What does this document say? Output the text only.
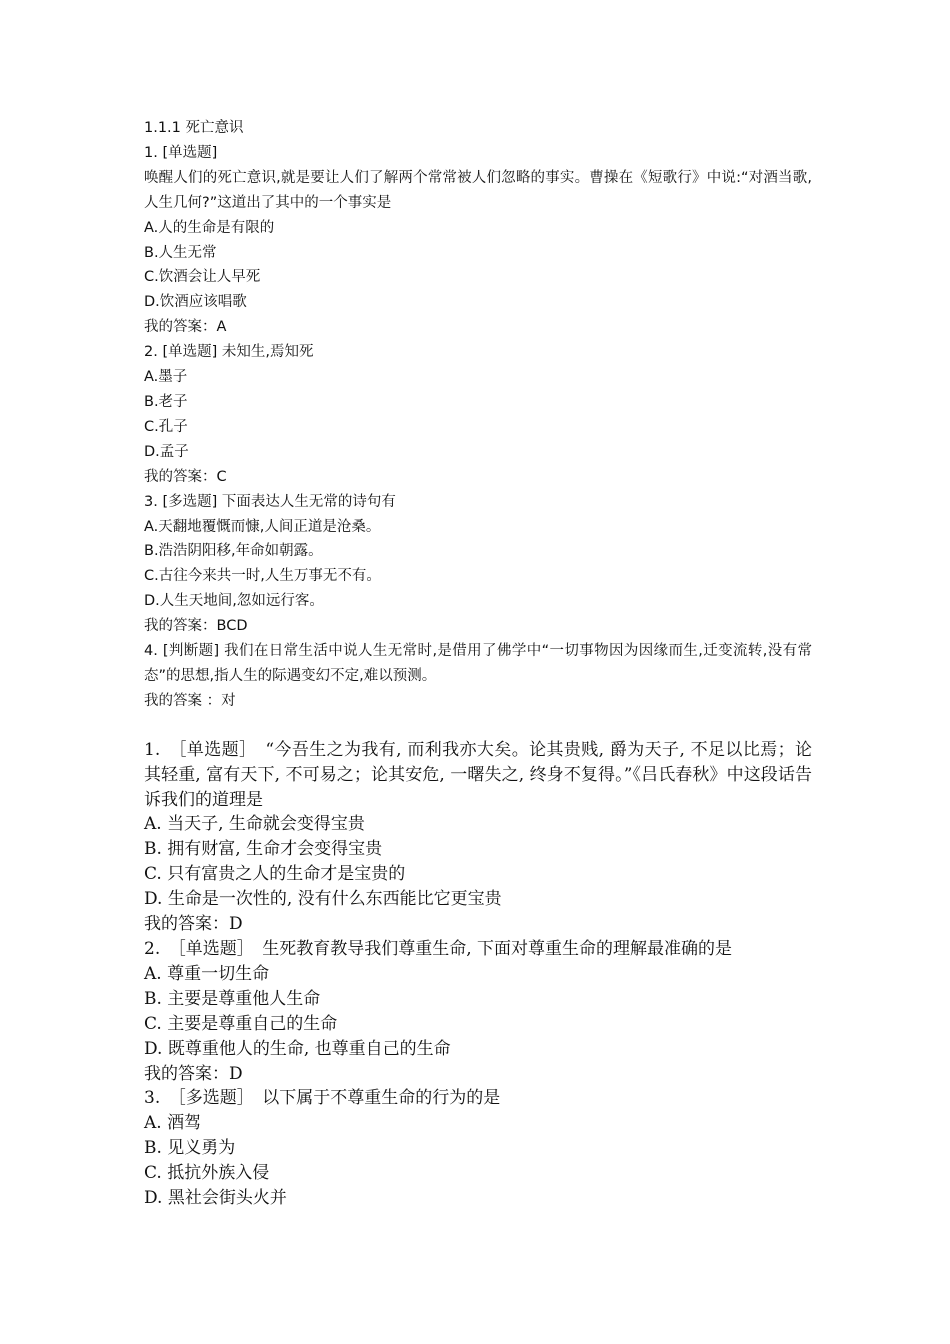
1.1.1 死亡意识

1. [单选题]

唤醒人们的死亡意识,就是要让人们了解两个常常被人们忽略的事实。曹操在《短歌行》中说:“对酒当歌,人生几何?”这道出了其中的一个事实是

A.人的生命是有限的

B.人生无常

C.饮酒会让人早死

D.饮酒应该唱歌

我的答案：A

2. [单选题] 未知生,焉知死

A.墨子

B.老子

C.孔子

D.孟子

我的答案：C

3. [多选题] 下面表达人生无常的诗句有

A.天翻地覆慨而慷,人间正道是沧桑。

B.浩浩阴阳移,年命如朝露。

C.古往今来共一时,人生万事无不有。

D.人生天地间,忽如远行客。

我的答案：BCD

4. [判断题] 我们在日常生活中说人生无常时,是借用了佛学中“一切事物因为因缘而生,迁变流转,没有常态”的思想,指人生的际遇变幻不定,难以预测。

我的答案 ：对

1.　［单选题］　“今吾生之为我有, 而利我亦大矣。论其贵贱, 爵为天子, 不足以比焉；论其轻重, 富有天下, 不可易之；论其安危, 一曙失之, 终身不复得。”《吕氏春秋》中这段话告诉我们的道理是

A. 当天子, 生命就会变得宝贵

B. 拥有财富, 生命才会变得宝贵

C. 只有富贵之人的生命才是宝贵的

D. 生命是一次性的, 没有什么东西能比它更宝贵

我的答案：D

2.　［单选题］　生死教育教导我们尊重生命, 下面对尊重生命的理解最准确的是

A. 尊重一切生命

B. 主要是尊重他人生命

C. 主要是尊重自己的生命

D. 既尊重他人的生命, 也尊重自己的生命

我的答案：D

3.　［多选题］　以下属于不尊重生命的行为的是

A. 酒驾

B. 见义勇为

C. 抵抗外族入侵

D. 黑社会街头火并
